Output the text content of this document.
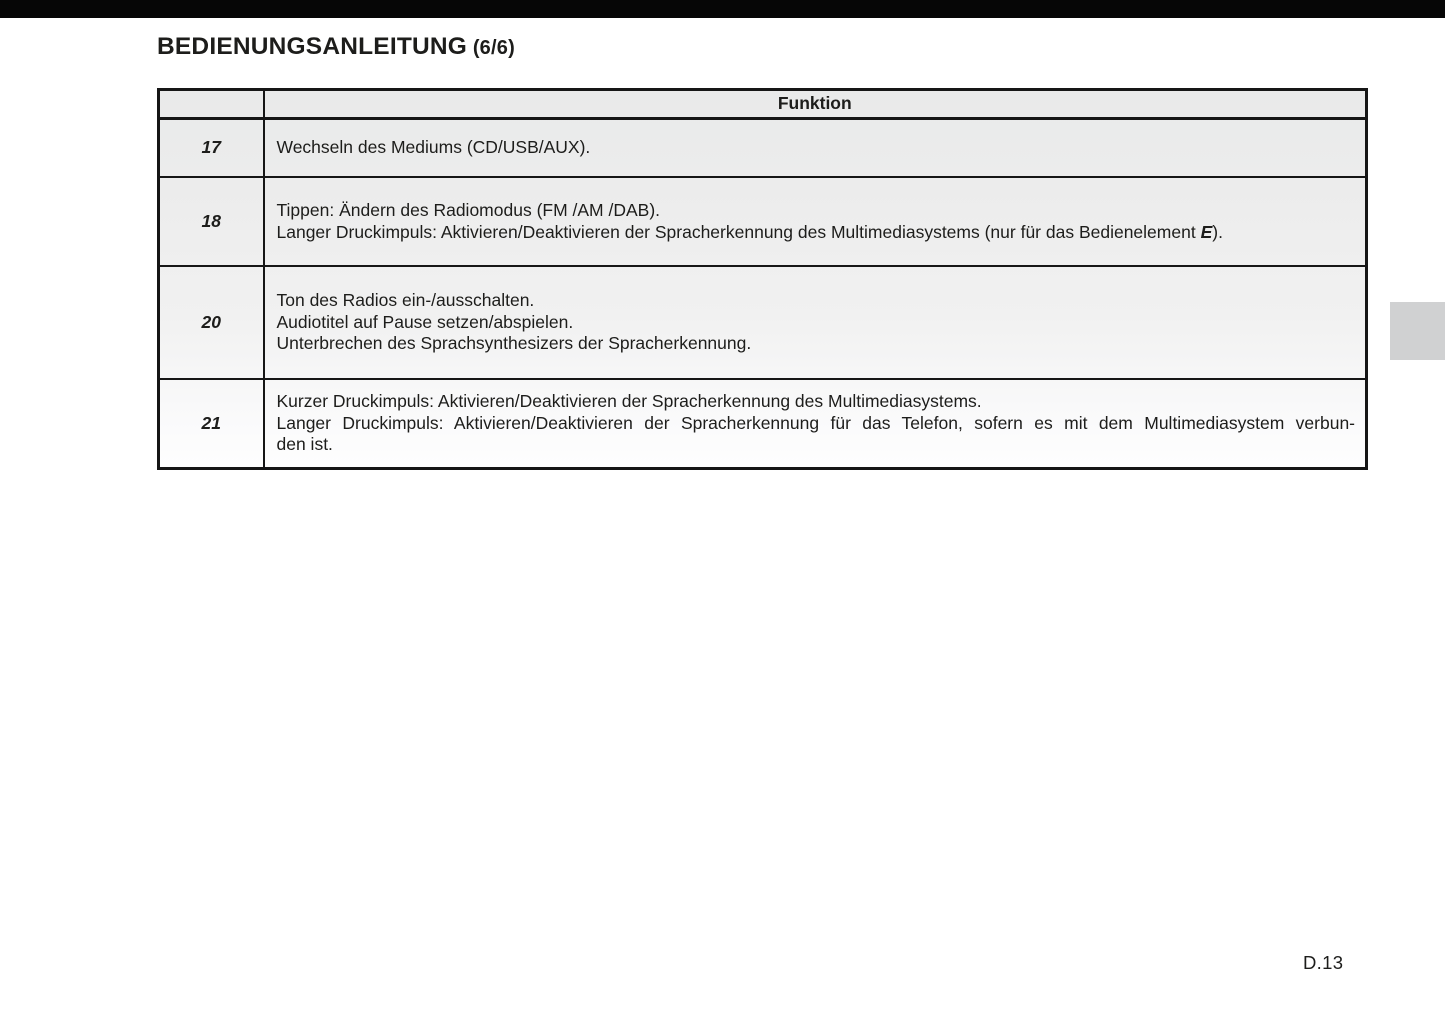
BEDIENUNGSANLEITUNG (6/6)
	Funktion
17	Wechseln des Mediums (CD/USB/AUX).

18	Tippen: Ändern des Radiomodus (FM /AM /DAB).
Langer Druckimpuls: Aktivieren/Deaktivieren der Spracherkennung des Multimediasystems (nur für das Bedienelement E).

20	Ton des Radios ein-/ausschalten.
Audiotitel auf Pause setzen/abspielen.
Unterbrechen des Sprachsynthesizers der Spracherkennung.

21	Kurzer Druckimpuls: Aktivieren/Deaktivieren der Spracherkennung des Multimediasystems.
Langer Druckimpuls: Aktivieren/Deaktivieren der Spracherkennung für das Telefon, sofern es mit dem Multimediasystem verbun-
den ist.
D.13
